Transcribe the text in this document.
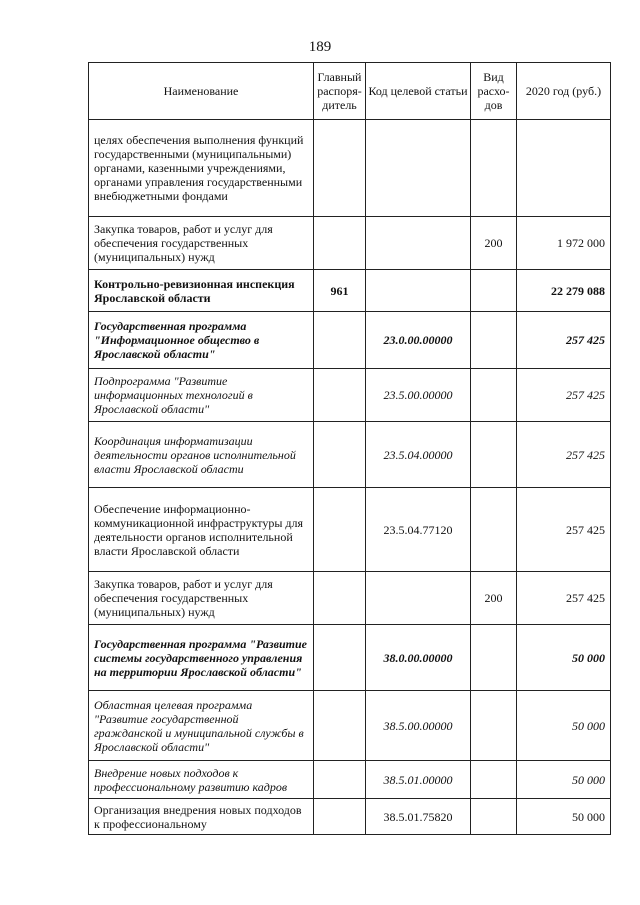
189
Наименование	Главный распоря-дитель	Код целевой статьи	Вид расхо-дов	2020 год (руб.)
целях обеспечения выполнения функций государственными (муниципальными) органами, казенными учреждениями, органами управления государственными внебюджетными фондами				
Закупка товаров, работ и услуг для обеспечения государственных (муниципальных) нужд			200	1 972 000
Контрольно-ревизионная инспекция Ярославской области	961			22 279 088
Государственная программа "Информационное общество в Ярославской области"		23.0.00.00000		257 425
Подпрограмма "Развитие информационных технологий в Ярославской области"		23.5.00.00000		257 425
Координация информатизации деятельности органов исполнительной власти Ярославской области		23.5.04.00000		257 425
Обеспечение информационно-коммуникационной инфраструктуры для деятельности органов исполнительной власти Ярославской области		23.5.04.77120		257 425
Закупка товаров, работ и услуг для обеспечения государственных (муниципальных) нужд			200	257 425
Государственная программа "Развитие системы государственного управления на территории Ярославской области"		38.0.00.00000		50 000
Областная целевая программа "Развитие государственной гражданской и муниципальной службы в Ярославской области"		38.5.00.00000		50 000
Внедрение новых подходов к профессиональному развитию кадров		38.5.01.00000		50 000
Организация внедрения новых подходов к профессиональному		38.5.01.75820		50 000
